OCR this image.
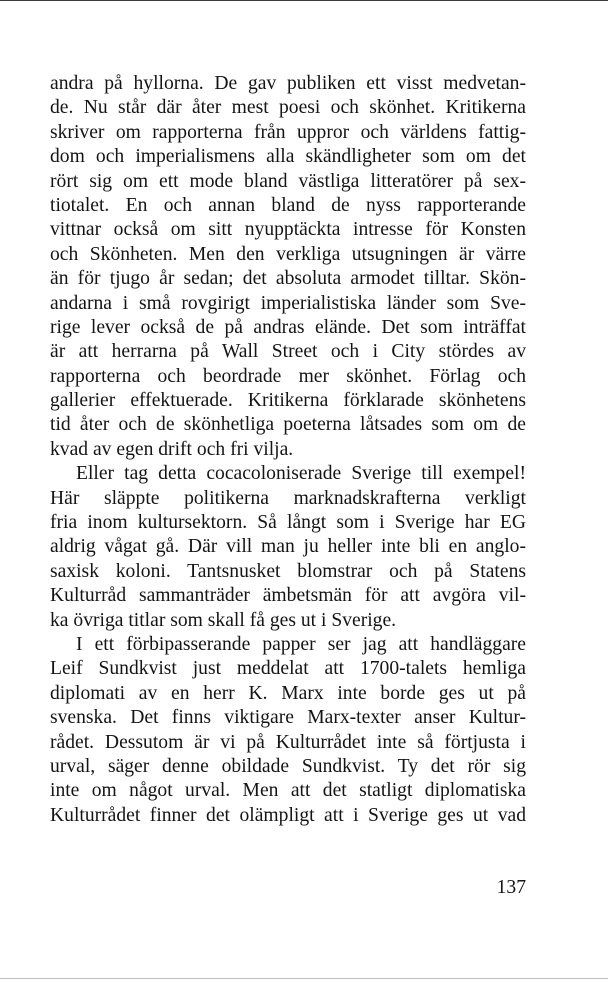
andra på hyllorna. De gav publiken ett visst medvetan-
de. Nu står där åter mest poesi och skönhet. Kritikerna
skriver om rapporterna från uppror och världens fattig-
dom och imperialismens alla skändligheter som om det
rört sig om ett mode bland västliga litteratörer på sex-
tiotalet. En och annan bland de nyss rapporterande
vittnar också om sitt nyupptäckta intresse för Konsten
och Skönheten. Men den verkliga utsugningen är värre
än för tjugo år sedan; det absoluta armodet tilltar. Skön-
andarna i små rovgirigt imperialistiska länder som Sve-
rige lever också de på andras elände. Det som inträffat
är att herrarna på Wall Street och i City stördes av
rapporterna och beordrade mer skönhet. Förlag och
gallerier effektuerade. Kritikerna förklarade skönhetens
tid åter och de skönhetliga poeterna låtsades som om de
kvad av egen drift och fri vilja.
Eller tag detta cocacoloniserade Sverige till exempel!
Här släppte politikerna marknadskrafterna verkligt
fria inom kultursektorn. Så långt som i Sverige har EG
aldrig vågat gå. Där vill man ju heller inte bli en anglo-
saxisk koloni. Tantsnusket blomstrar och på Statens
Kulturråd sammanträder ämbetsmän för att avgöra vil-
ka övriga titlar som skall få ges ut i Sverige.
I ett förbipasserande papper ser jag att handläggare
Leif Sundkvist just meddelat att 1700-talets hemliga
diplomati av en herr K. Marx inte borde ges ut på
svenska. Det finns viktigare Marx-texter anser Kultur-
rådet. Dessutom är vi på Kulturrådet inte så förtjusta i
urval, säger denne obildade Sundkvist. Ty det rör sig
inte om något urval. Men att det statligt diplomatiska
Kulturrådet finner det olämpligt att i Sverige ges ut vad
137
